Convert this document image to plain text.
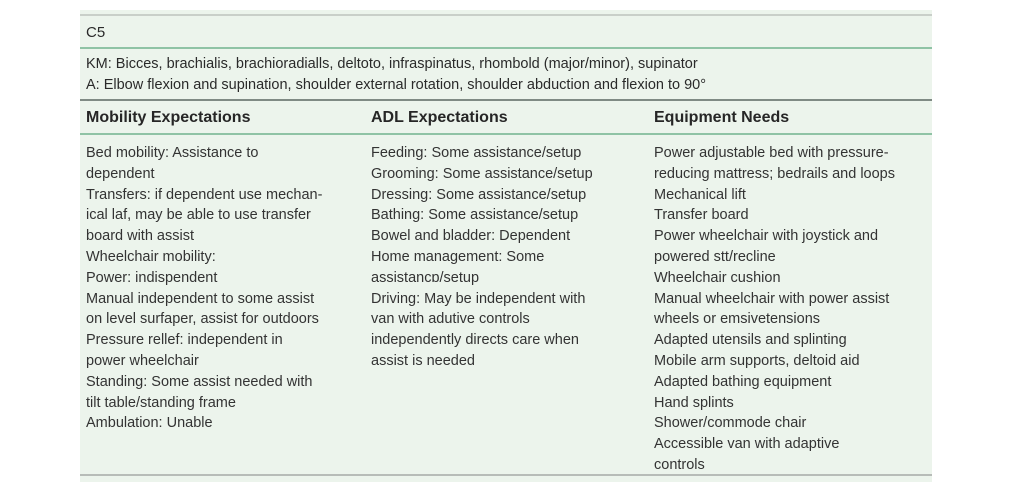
C5
KM: Bicces, brachialis, brachioradialls, deltoto, infraspinatus, rhombold (major/minor), supinator
A: Elbow flexion and supination, shoulder external rotation, shoulder abduction and flexion to 90°
Mobility Expectations	ADL Expectations	Equipment Needs
Bed mobility: Assistance to
dependent
Transfers: if dependent use mechan-
ical laf, may be able to use transfer
board with assist
Wheelchair mobility:
Power: indispendent
Manual independent to some assist
on level surfaper, assist for outdoors
Pressure rellef: independent in
power wheelchair
Standing: Some assist needed with
tilt table/standing frame
Ambulation: Unable
Feeding: Some assistance/setup
Grooming: Some assistance/setup
Dressing: Some assistance/setup
Bathing: Some assistance/setup
Bowel and bladder: Dependent
Home management: Some
assistancɒ/setup
Driving: May be independent with
van with adutive controls
independently directs care when
assist is needed
Power adjustable bed with pressure-
reducing mattress; bedrails and loops
Mechanical lift
Transfer board
Power wheelchair with joystick and
powered stt/recline
Wheelchair cushion
Manual wheelchair with power assist
wheels or emsivetensions
Adapted utensils and splinting
Mobile arm supports, deltoid aid
Adapted bathing equipment
Hand splints
Shower/commode chair
Accessible van with adaptive
controls
